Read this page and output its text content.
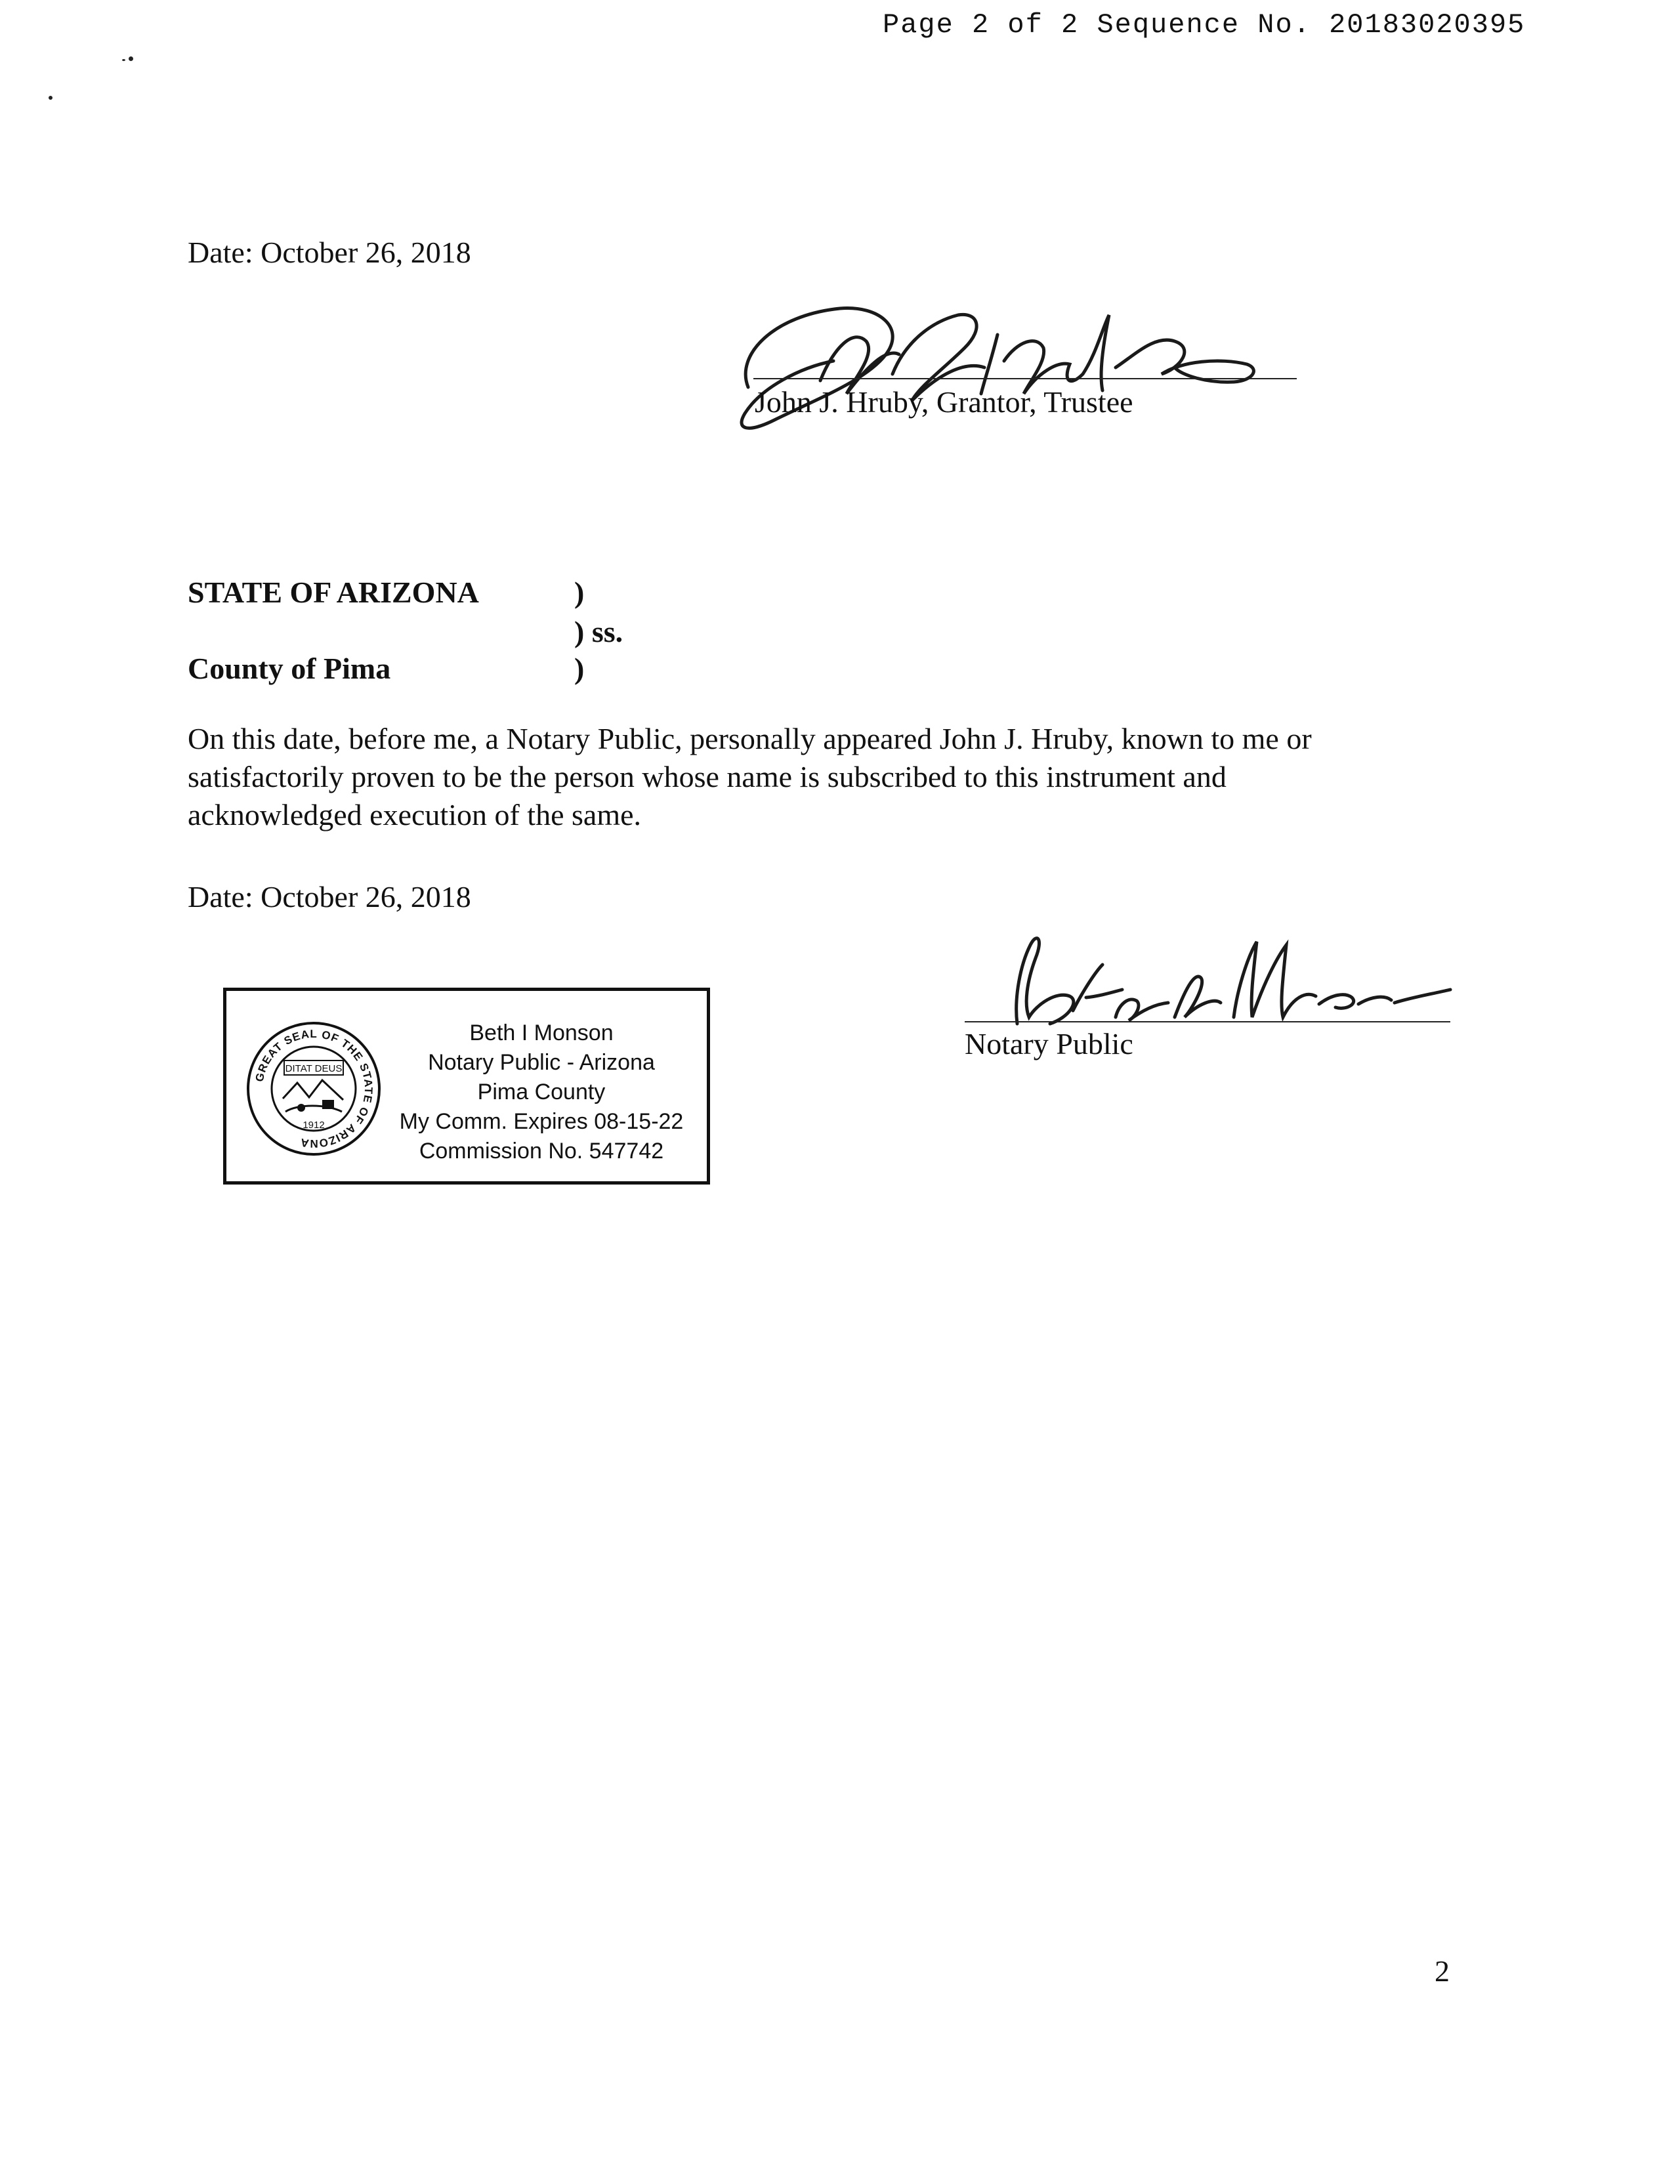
Page 2 of 2 Sequence No. 20183020395
Date: October 26, 2018
John J. Hruby, Grantor, Trustee
STATE OF ARIZONA	)
) ss.
County of Pima	)
On this date, before me, a Notary Public, personally appeared John J. Hruby, known to me or
satisfactorily proven to be the person whose name is subscribed to this instrument and
acknowledged execution of the same.
Date: October 26, 2018
Notary Public
GREAT SEAL OF THE STATE OF ARIZONA
DITAT DEUS
1912
Beth I Monson
Notary Public - Arizona
Pima County
My Comm. Expires 08-15-22
Commission No. 547742
2
